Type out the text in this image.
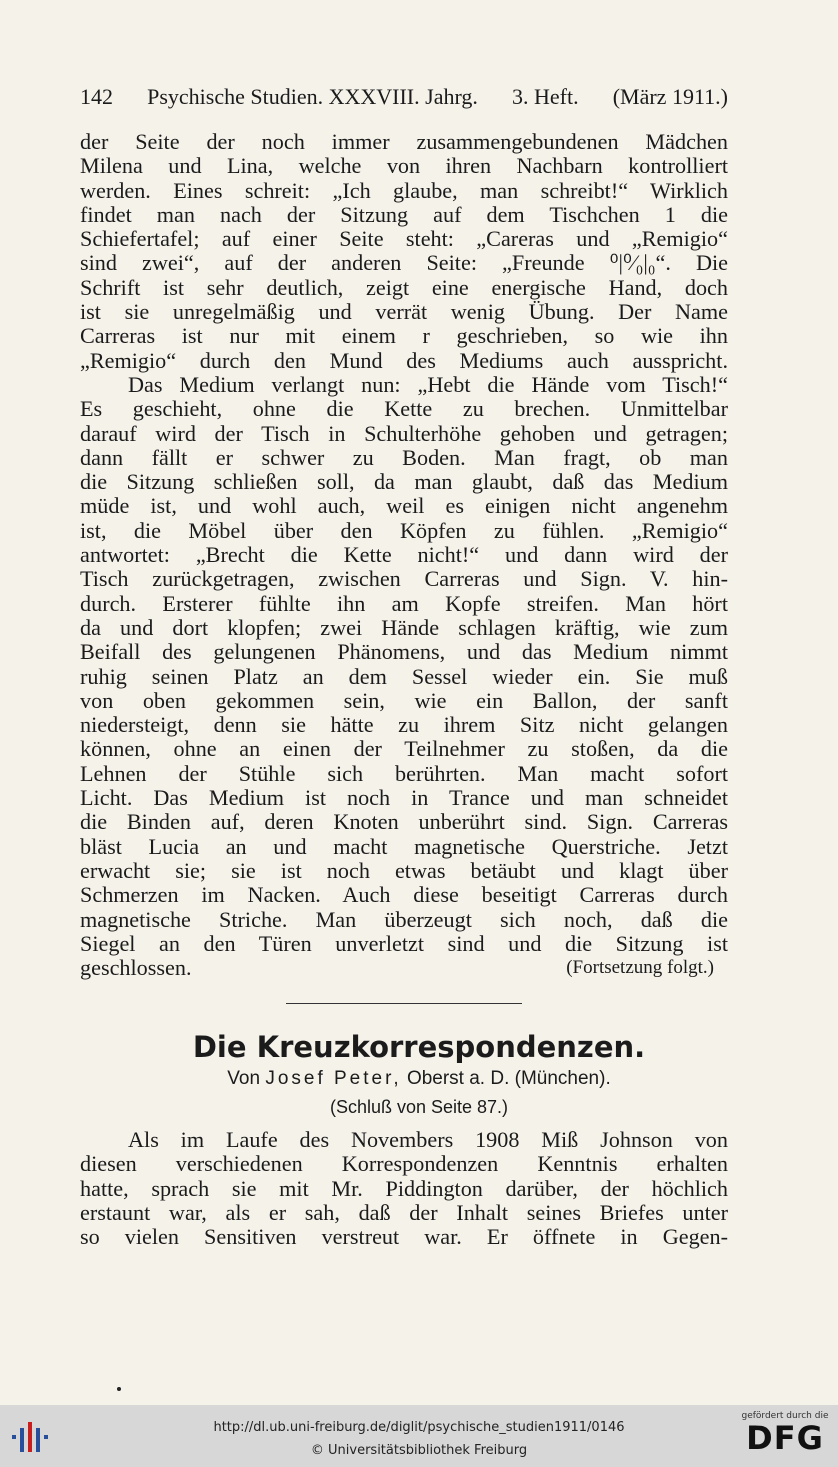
142 Psychische Studien. XXXVIII. Jahrg. 3. Heft. (März 1911.)
der Seite der noch immer zusammengebundenen Mädchen
Milena und Lina, welche von ihren Nachbarn kontrolliert
werden. Eines schreit: „Ich glaube, man schreibt!“ Wirklich
findet man nach der Sitzung auf dem Tischchen 1 die
Schiefertafel; auf einer Seite steht: „Careras und „Remigio“
sind zwei“, auf der anderen Seite: „Freunde ⁰|⁰⁄₀|₀“. Die
Schrift ist sehr deutlich, zeigt eine energische Hand, doch
ist sie unregelmäßig und verrät wenig Übung. Der Name
Carreras ist nur mit einem r geschrieben, so wie ihn
„Remigio“ durch den Mund des Mediums auch ausspricht.
Das Medium verlangt nun: „Hebt die Hände vom Tisch!“
Es geschieht, ohne die Kette zu brechen. Unmittelbar
darauf wird der Tisch in Schulterhöhe gehoben und getragen;
dann fällt er schwer zu Boden. Man fragt, ob man
die Sitzung schließen soll, da man glaubt, daß das Medium
müde ist, und wohl auch, weil es einigen nicht angenehm
ist, die Möbel über den Köpfen zu fühlen. „Remigio“
antwortet: „Brecht die Kette nicht!“ und dann wird der
Tisch zurückgetragen, zwischen Carreras und Sign. V. hin-
durch. Ersterer fühlte ihn am Kopfe streifen. Man hört
da und dort klopfen; zwei Hände schlagen kräftig, wie zum
Beifall des gelungenen Phänomens, und das Medium nimmt
ruhig seinen Platz an dem Sessel wieder ein. Sie muß
von oben gekommen sein, wie ein Ballon, der sanft
niedersteigt, denn sie hätte zu ihrem Sitz nicht gelangen
können, ohne an einen der Teilnehmer zu stoßen, da die
Lehnen der Stühle sich berührten. Man macht sofort
Licht. Das Medium ist noch in Trance und man schneidet
die Binden auf, deren Knoten unberührt sind. Sign. Carreras
bläst Lucia an und macht magnetische Querstriche. Jetzt
erwacht sie; sie ist noch etwas betäubt und klagt über
Schmerzen im Nacken. Auch diese beseitigt Carreras durch
magnetische Striche. Man überzeugt sich noch, daß die
Siegel an den Türen unverletzt sind und die Sitzung ist
geschlossen.	(Fortsetzung folgt.)
Die Kreuzkorrespondenzen.
Von Josef Peter, Oberst a. D. (München).
(Schluß von Seite 87.)
Als im Laufe des Novembers 1908 Miß Johnson von
diesen verschiedenen Korrespondenzen Kenntnis erhalten
hatte, sprach sie mit Mr. Piddington darüber, der höchlich
erstaunt war, als er sah, daß der Inhalt seines Briefes unter
so vielen Sensitiven verstreut war. Er öffnete in Gegen-
http://dl.ub.uni-freiburg.de/diglit/psychische_studien1911/0146
© Universitätsbibliothek Freiburg
gefördert durch die
DFG
